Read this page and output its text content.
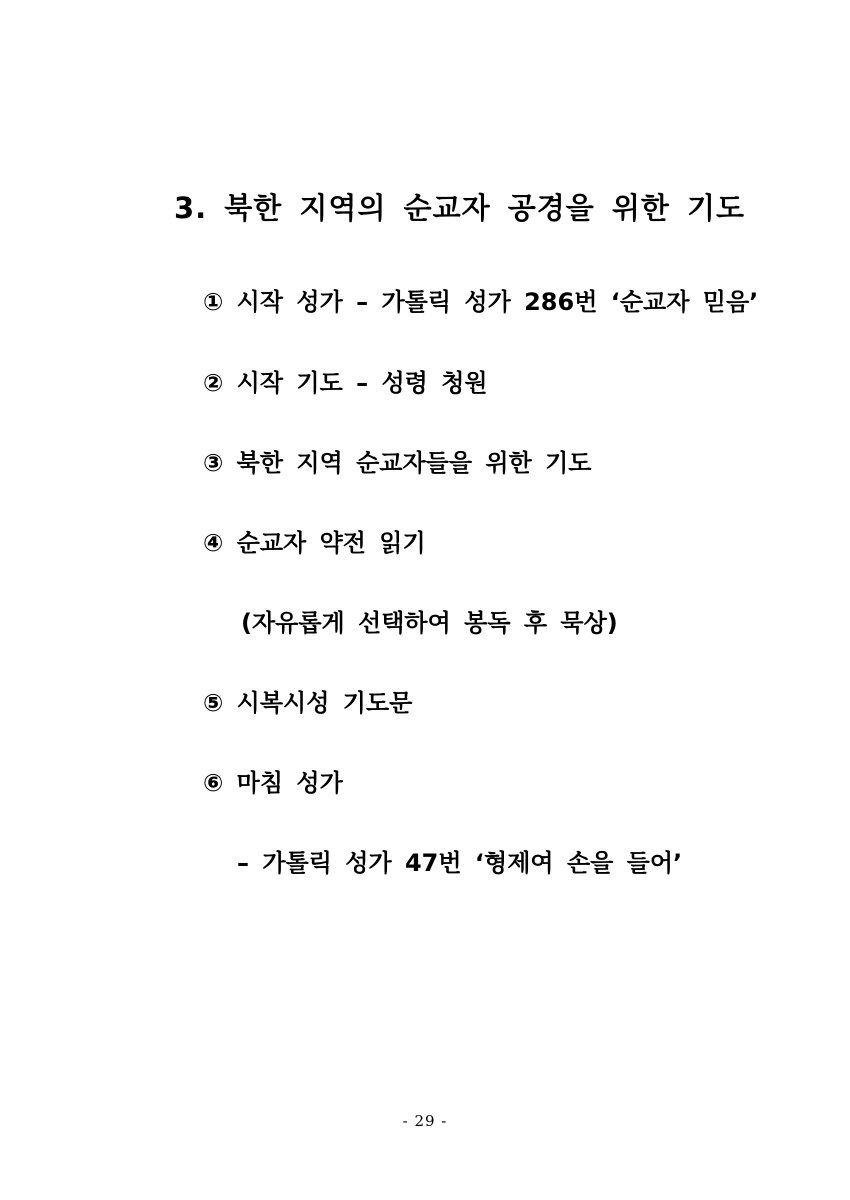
3. 북한 지역의 순교자 공경을 위한 기도
① 시작 성가 – 가톨릭 성가 286번 ‘순교자 믿음’
② 시작 기도 – 성령 청원
③ 북한 지역 순교자들을 위한 기도
④ 순교자 약전 읽기
(자유롭게 선택하여 봉독 후 묵상)
⑤ 시복시성 기도문
⑥ 마침 성가
– 가톨릭 성가 47번 ‘형제여 손을 들어’
- 29 -
